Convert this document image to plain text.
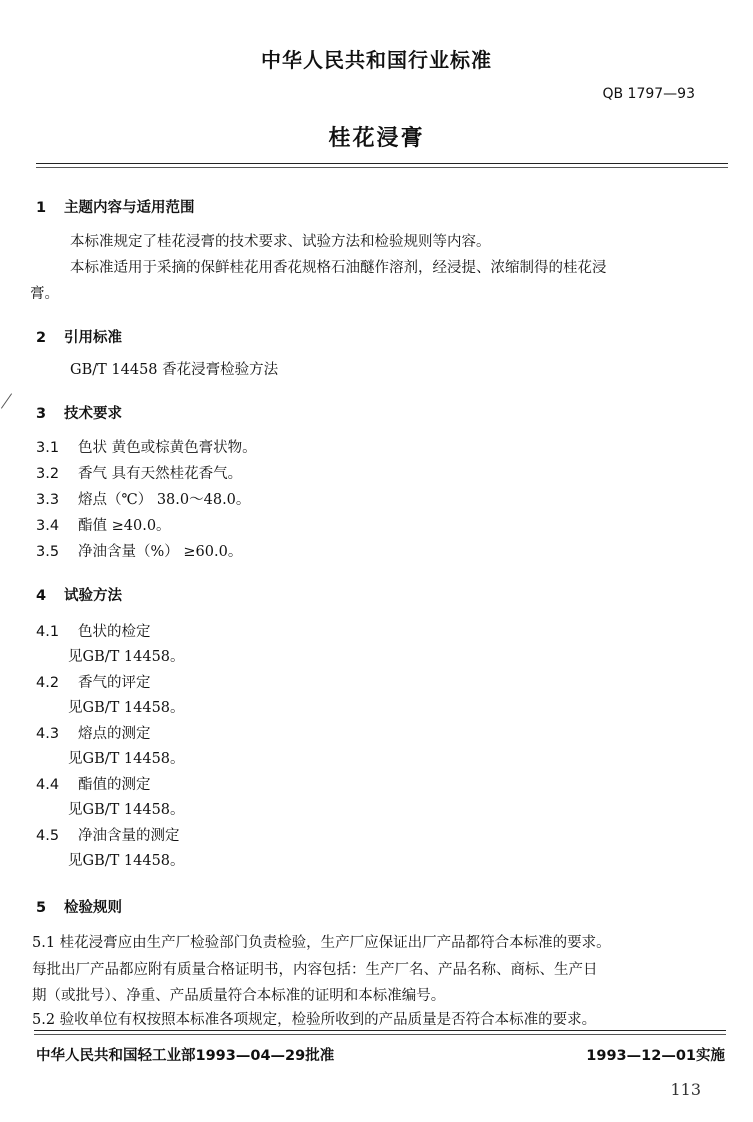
中华人民共和国行业标准
QB 1797—93
桂花浸膏
1 主题内容与适用范围
本标准规定了桂花浸膏的技术要求、试验方法和检验规则等内容。
本标准适用于采摘的保鲜桂花用香花规格石油醚作溶剂，经浸提、浓缩制得的桂花浸
膏。
2 引用标准
GB/T 14458 香花浸膏检验方法
3 技术要求
3.1 色状 黄色或棕黄色膏状物。
3.2 香气 具有天然桂花香气。
3.3 熔点（℃） 38.0～48.0。
3.4 酯值 ≥40.0。
3.5 净油含量（%） ≥60.0。
4 试验方法
4.1 色状的检定
见GB/T 14458。
4.2 香气的评定
见GB/T 14458。
4.3 熔点的测定
见GB/T 14458。
4.4 酯值的测定
见GB/T 14458。
4.5 净油含量的测定
见GB/T 14458。
5 检验规则
5.1 桂花浸膏应由生产厂检验部门负责检验，生产厂应保证出厂产品都符合本标准的要求。
每批出厂产品都应附有质量合格证明书，内容包括：生产厂名、产品名称、商标、生产日
期（或批号）、净重、产品质量符合本标准的证明和本标准编号。
5.2 验收单位有权按照本标准各项规定，检验所收到的产品质量是否符合本标准的要求。
中华人民共和国轻工业部1993—04—29批准	1993—12—01实施
113
